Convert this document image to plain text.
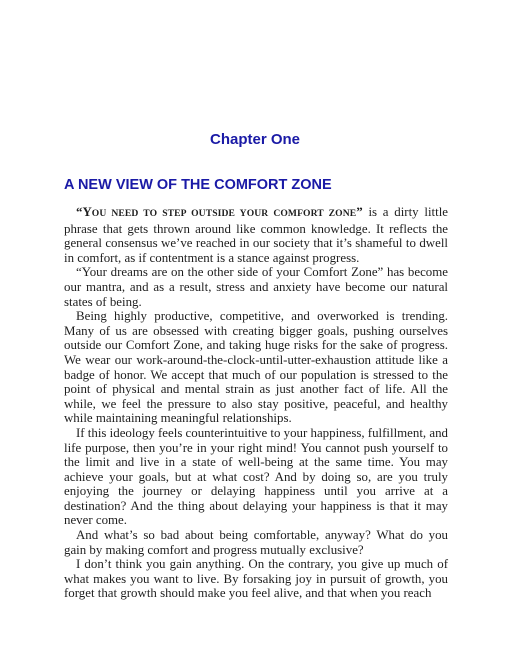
Chapter One
A NEW VIEW OF THE COMFORT ZONE

“YOU NEED TO STEP OUTSIDE YOUR COMFORT ZONE” is a dirty little phrase that gets thrown around like common knowledge. It reflects the general consensus we’ve reached in our society that it’s shameful to dwell in comfort, as if contentment is a stance against progress.

“Your dreams are on the other side of your Comfort Zone” has become our mantra, and as a result, stress and anxiety have become our natural states of being.

Being highly productive, competitive, and overworked is trending. Many of us are obsessed with creating bigger goals, pushing ourselves outside our Comfort Zone, and taking huge risks for the sake of progress. We wear our work-around-the-clock-until-utter-exhaustion attitude like a badge of honor. We accept that much of our population is stressed to the point of physical and mental strain as just another fact of life. All the while, we feel the pressure to also stay positive, peaceful, and healthy while maintaining meaningful relationships.

If this ideology feels counterintuitive to your happiness, fulfillment, and life purpose, then you’re in your right mind! You cannot push yourself to the limit and live in a state of well-being at the same time. You may achieve your goals, but at what cost? And by doing so, are you truly enjoying the journey or delaying happiness until you arrive at a destination? And the thing about delaying your happiness is that it may never come.

And what’s so bad about being comfortable, anyway? What do you gain by making comfort and progress mutually exclusive?

I don’t think you gain anything. On the contrary, you give up much of what makes you want to live. By forsaking joy in pursuit of growth, you forget that growth should make you feel alive, and that when you reach
